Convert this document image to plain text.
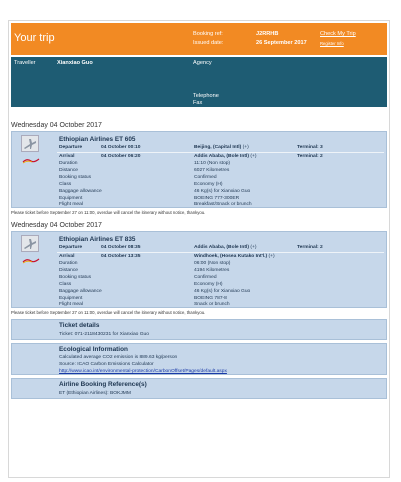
Your trip	Booking ref:	J2RRHB
Issued date:	26 September 2017
Check My Trip
Register Info
Traveller	Xianxiao Guo	Agency
Telephone
Fax
Wednesday 04 October 2017
Ethiopian Airlines ET 605
Departure	04 October 00:10	Beijing, (Capital Intl) (+)	Terminal: 3
Arrival	04 October 06:20	Addis Ababa, (Bole Intl) (+)	Terminal: 2
Duration	11:10 (Non stop)
Distance	6027 Kilometres
Booking status	Confirmed
Class	Economy (H)
Baggage allowance	46 Kg(s) for Xianxiao Guo
Equipment	BOEING 777-300ER
Flight meal	Breakfast/Snack or brunch
Please ticket before September 27 on 11:00, overdue will cancel the itinerary without notice, thankyou.
Wednesday 04 October 2017
Ethiopian Airlines ET 835
Departure	04 October 08:35	Addis Ababa, (Bole Intl) (+)	Terminal: 2
Arrival	04 October 13:35	Windhoek, (Hosea Kutako Int'l.) (+)
Duration	06:00 (Non stop)
Distance	4194 Kilometres
Booking status	Confirmed
Class	Economy (H)
Baggage allowance	46 Kg(s) for Xianxiao Guo
Equipment	BOEING 787-8
Flight meal	Snack or brunch
Please ticket before September 27 on 11:00, overdue will cancel the itinerary without notice, thankyou.
Ticket details
Ticket: 071-2118430231 for Xianxiao Guo
Ecological Information
Calculated average CO2 emission is 889.63 kg/person
Source: ICAO Carbon Emissions Calculator
http://www.icao.int/environmental-protection/CarbonOffset/Pages/default.aspx
Airline Booking Reference(s)
ET (Ethiopian Airlines): BOKJMM
